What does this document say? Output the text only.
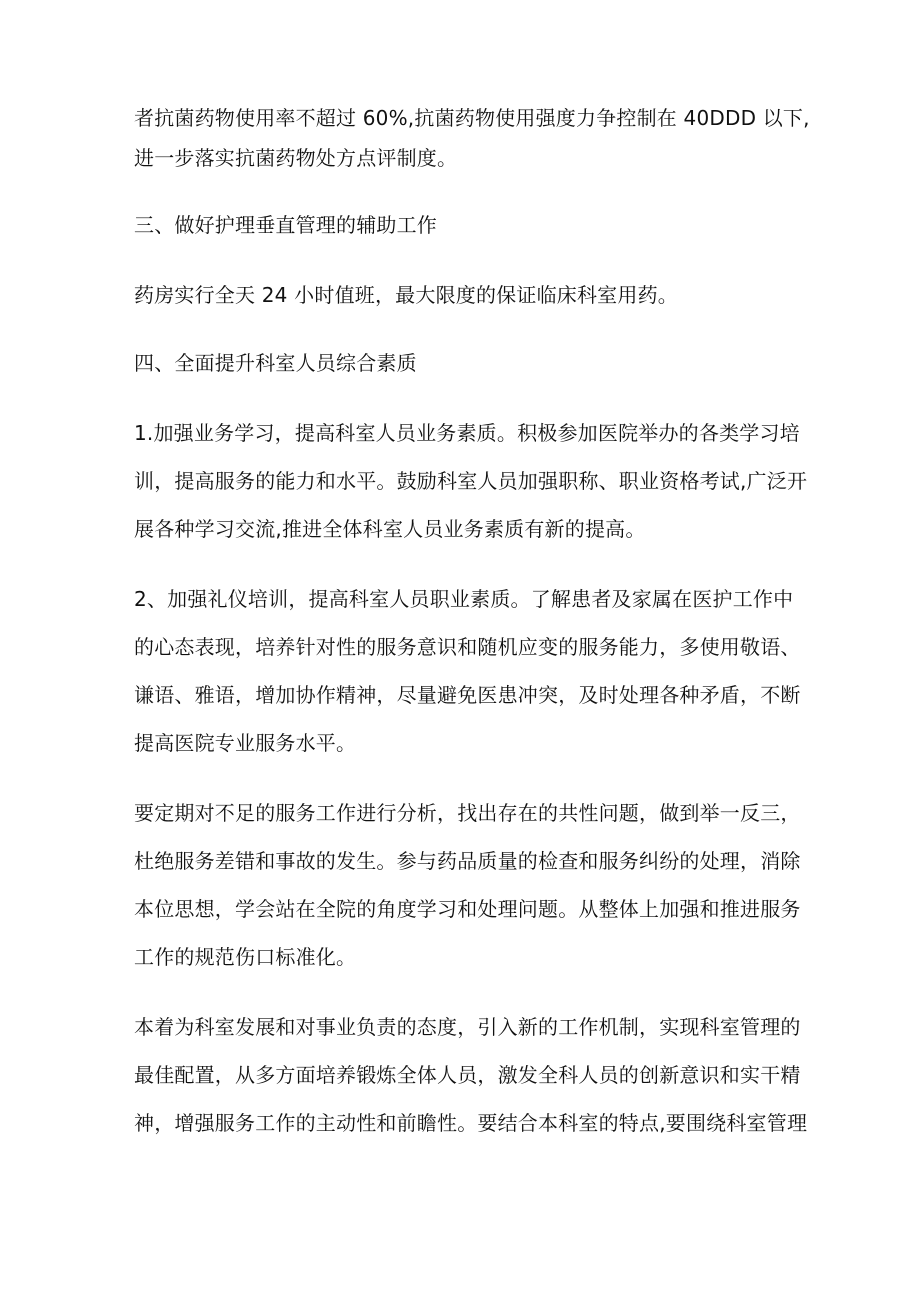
者抗菌药物使用率不超过 60%,抗菌药物使用强度力争控制在 40DDD 以下,
进一步落实抗菌药物处方点评制度。
三、做好护理垂直管理的辅助工作
药房实行全天 24 小时值班，最大限度的保证临床科室用药。
四、全面提升科室人员综合素质
1.加强业务学习，提高科室人员业务素质。积极参加医院举办的各类学习培
训，提高服务的能力和水平。鼓励科室人员加强职称、职业资格考试,广泛开
展各种学习交流,推进全体科室人员业务素质有新的提高。
2、加强礼仪培训，提高科室人员职业素质。了解患者及家属在医护工作中
的心态表现，培养针对性的服务意识和随机应变的服务能力，多使用敬语、
谦语、雅语，增加协作精神，尽量避免医患冲突，及时处理各种矛盾，不断
提高医院专业服务水平。
要定期对不足的服务工作进行分析，找出存在的共性问题，做到举一反三，
杜绝服务差错和事故的发生。参与药品质量的检查和服务纠纷的处理，消除
本位思想，学会站在全院的角度学习和处理问题。从整体上加强和推进服务
工作的规范伤口标准化。
本着为科室发展和对事业负责的态度，引入新的工作机制，实现科室管理的
最佳配置，从多方面培养锻炼全体人员，激发全科人员的创新意识和实干精
神，增强服务工作的主动性和前瞻性。要结合本科室的特点,要围绕科室管理
